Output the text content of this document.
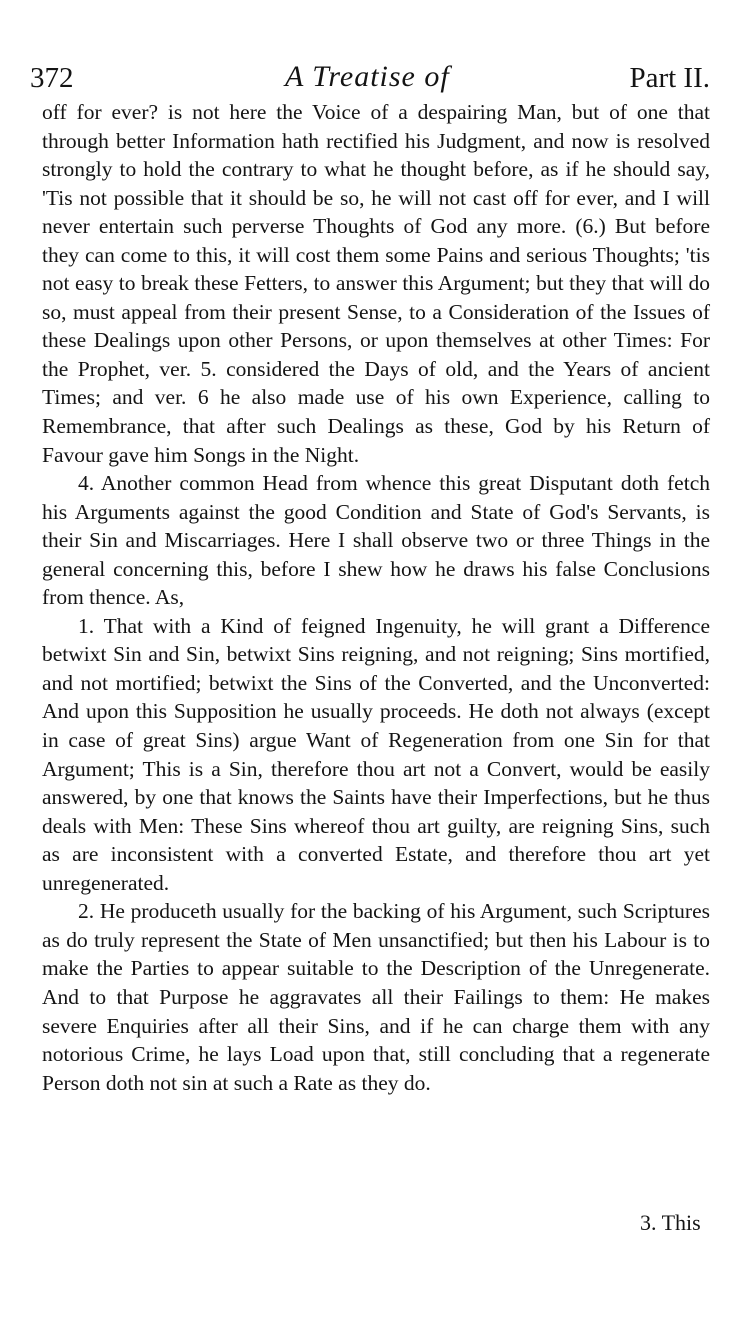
372	A Treatise of	Part II.

off for ever? is not here the Voice of a despairing Man, but of one that through better Information hath rectified his Judgment, and now is resolved strongly to hold the contrary to what he thought before, as if he should say, 'Tis not possible that it should be so, he will not cast off for ever, and I will never entertain such perverse Thoughts of God any more. (6.) But before they can come to this, it will cost them some Pains and serious Thoughts; 'tis not easy to break these Fetters, to answer this Argument; but they that will do so, must appeal from their present Sense, to a Consideration of the Issues of these Dealings upon other Persons, or upon themselves at other Times: For the Prophet, ver. 5. considered the Days of old, and the Years of ancient Times; and ver. 6 he also made use of his own Experience, calling to Remembrance, that after such Dealings as these, God by his Return of Favour gave him Songs in the Night.

4. Another common Head from whence this great Disputant doth fetch his Arguments against the good Condition and State of God's Servants, is their Sin and Miscarriages. Here I shall observe two or three Things in the general concerning this, before I shew how he draws his false Conclusions from thence. As,

1. That with a Kind of feigned Ingenuity, he will grant a Difference betwixt Sin and Sin, betwixt Sins reigning, and not reigning; Sins mortified, and not mortified; betwixt the Sins of the Converted, and the Unconverted: And upon this Supposition he usually proceeds. He doth not always (except in case of great Sins) argue Want of Regeneration from one Sin for that Argument; This is a Sin, therefore thou art not a Convert, would be easily answered, by one that knows the Saints have their Imperfections, but he thus deals with Men: These Sins whereof thou art guilty, are reigning Sins, such as are inconsistent with a converted Estate, and therefore thou art yet unregenerated.

2. He produceth usually for the backing of his Argument, such Scriptures as do truly represent the State of Men unsanctified; but then his Labour is to make the Parties to appear suitable to the Description of the Unregenerate. And to that Purpose he aggravates all their Failings to them: He makes severe Enquiries after all their Sins, and if he can charge them with any notorious Crime, he lays Load upon that, still concluding that a regenerate Person doth not sin at such a Rate as they do.

3. This
